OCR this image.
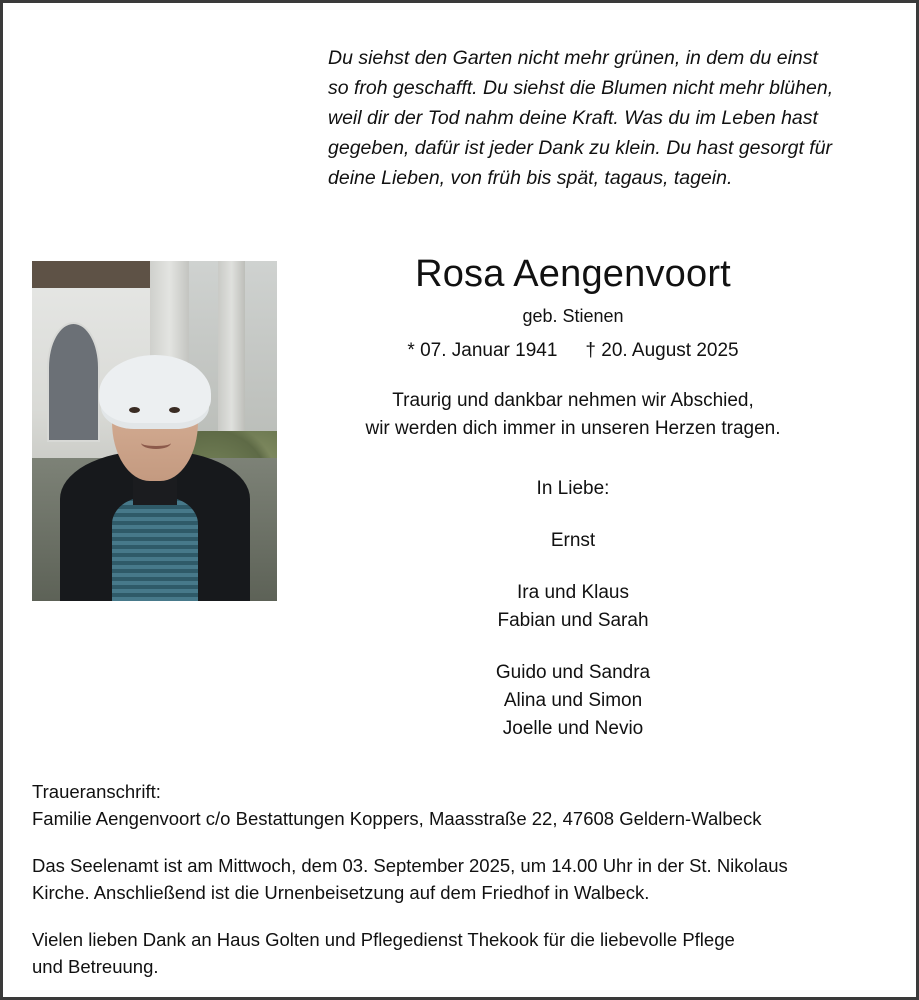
Du siehst den Garten nicht mehr grünen, in dem du einst
so froh geschafft. Du siehst die Blumen nicht mehr blühen,
weil dir der Tod nahm deine Kraft. Was du im Leben hast
gegeben, dafür ist jeder Dank zu klein. Du hast gesorgt für
deine Lieben, von früh bis spät, tagaus, tagein.
Rosa Aengenvoort
geb. Stienen
* 07. Januar 1941 † 20. August 2025
Traurig und dankbar nehmen wir Abschied,
wir werden dich immer in unseren Herzen tragen.
In Liebe:
Ernst
Ira und Klaus
Fabian und Sarah
Guido und Sandra
Alina und Simon
Joelle und Nevio
Traueranschrift:
Familie Aengenvoort c/o Bestattungen Koppers, Maasstraße 22, 47608 Geldern-Walbeck
Das Seelenamt ist am Mittwoch, dem 03. September 2025, um 14.00 Uhr in der St. Nikolaus
Kirche. Anschließend ist die Urnenbeisetzung auf dem Friedhof in Walbeck.
Vielen lieben Dank an Haus Golten und Pflegedienst Thekook für die liebevolle Pflege
und Betreuung.
